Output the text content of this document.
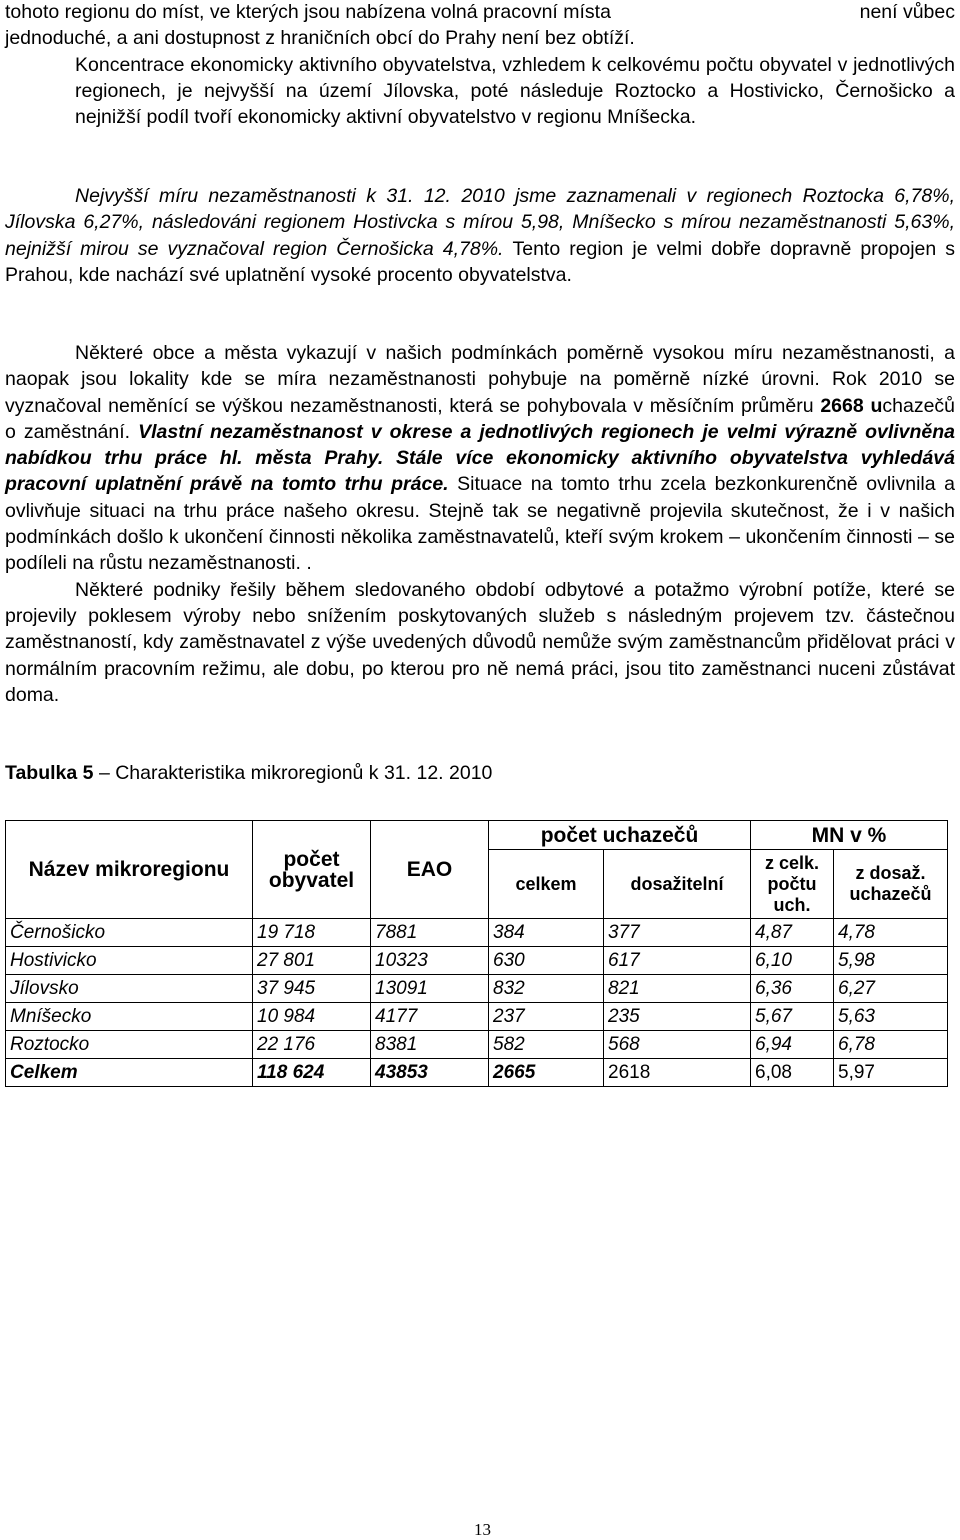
tohoto regionu do míst, ve kterých jsou nabízena volná pracovní místa	není vůbec
jednoduché, a ani dostupnost z hraničních obcí do Prahy není bez obtíží.
Koncentrace ekonomicky aktivního obyvatelstva, vzhledem k celkovému počtu obyvatel v jednotlivých regionech, je nejvyšší na území Jílovska, poté následuje Roztocko a Hostivicko, Černošicko a nejnižší podíl tvoří ekonomicky aktivní obyvatelstvo v regionu Mníšecka.
Nejvyšší míru nezaměstnanosti k 31. 12. 2010 jsme zaznamenali v regionech Roztocka 6,78%, Jílovska 6,27%, následováni regionem Hostivcka s mírou 5,98, Mníšecko s mírou nezaměstnanosti 5,63%, nejnižší mirou se vyznačoval region Černošicka 4,78%. Tento region je velmi dobře dopravně propojen s Prahou, kde nachází své uplatnění vysoké procento obyvatelstva.
Některé obce a města vykazují v našich podmínkách poměrně vysokou míru nezaměstnanosti, a naopak jsou lokality kde se míra nezaměstnanosti pohybuje na poměrně nízké úrovni. Rok 2010 se vyznačoval neměnící se výškou nezaměstnanosti, která se pohybovala v měsíčním průměru 2668 uchazečů o zaměstnání. Vlastní nezaměstnanost v okrese a jednotlivých regionech je velmi výrazně ovlivněna nabídkou trhu práce hl. města Prahy. Stále více ekonomicky aktivního obyvatelstva vyhledává pracovní uplatnění právě na tomto trhu práce. Situace na tomto trhu zcela bezkonkurenčně ovlivnila a ovlivňuje situaci na trhu práce našeho okresu. Stejně tak se negativně projevila skutečnost, že i v našich podmínkách došlo k ukončení činnosti několika zaměstnavatelů, kteří svým krokem – ukončením činnosti – se podíleli na růstu nezaměstnanosti. .
Některé podniky řešily během sledovaného období odbytové a potažmo výrobní potíže, které se projevily poklesem výroby nebo snížením poskytovaných služeb s následným projevem tzv. částečnou zaměstnaností, kdy zaměstnavatel z výše uvedených důvodů nemůže svým zaměstnancům přidělovat práci v normálním pracovním režimu, ale dobu, po kterou pro ně nemá práci, jsou tito zaměstnanci nuceni zůstávat doma.
Tabulka 5 – Charakteristika mikroregionů k 31. 12. 2010
Název mikroregionu	počet obyvatel	EAO	počet uchazečů		MN v %	
			celkem	dosažitelní	z celk. počtu uch.	z dosaž. uchazečů

Černošicko	19 718	7881	384	377	4,87	4,78
Hostivicko	27 801	10323	630	617	6,10	5,98
Jílovsko	37 945	13091	832	821	6,36	6,27
Mníšecko	10 984	4177	237	235	5,67	5,63
Roztocko	22 176	8381	582	568	6,94	6,78
Celkem	118 624	43853	2665	2618	6,08	5,97
13
